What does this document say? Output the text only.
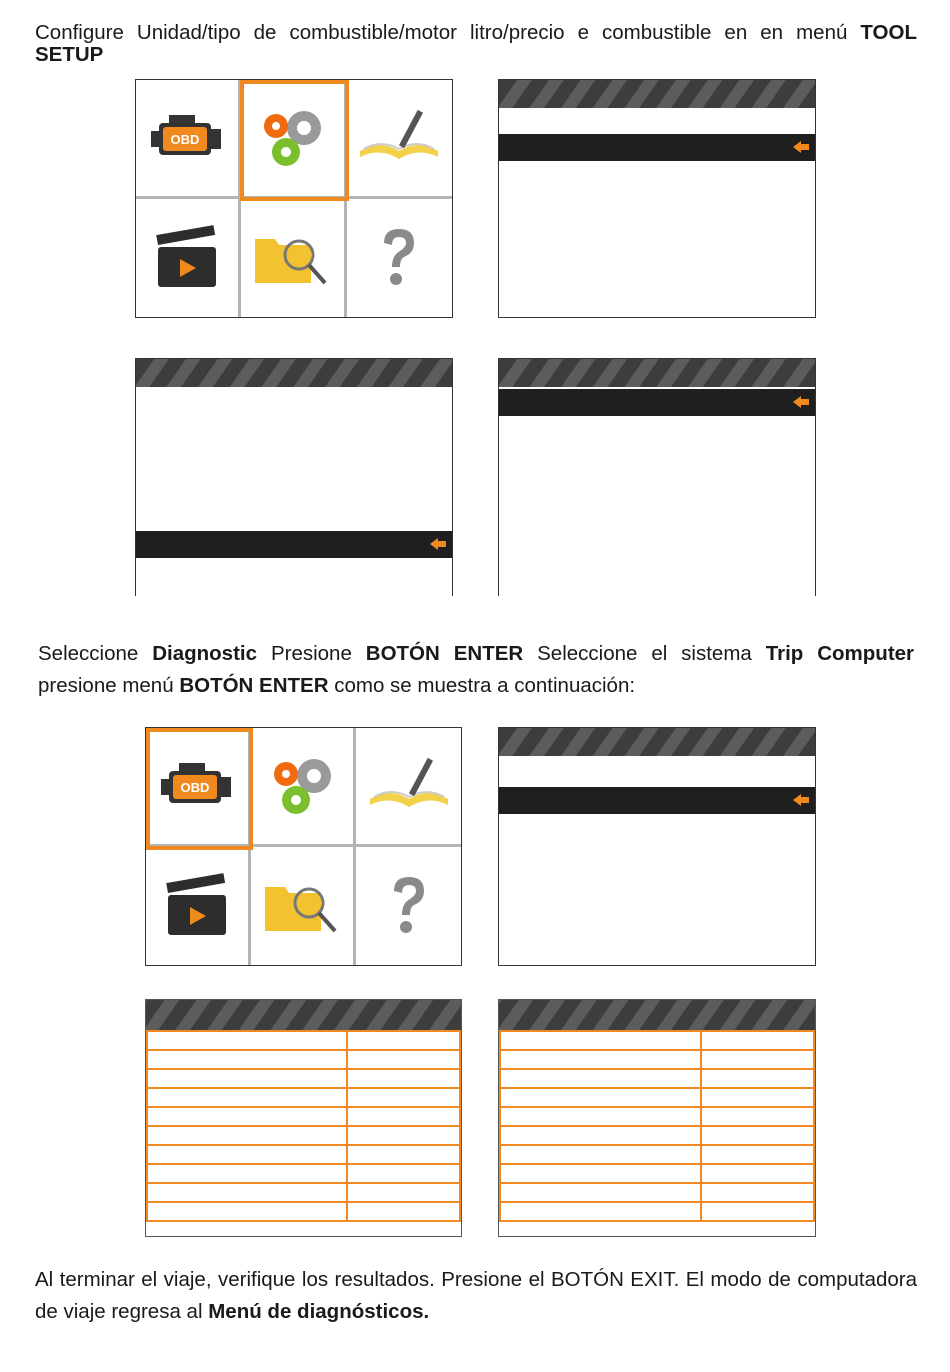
Configure Unidad/tipo de combustible/motor litro/precio e combustible en en menú TOOL SETUP
OBD
Seleccione Diagnostic Presione BOTÓN ENTER Seleccione el sistema Trip Computer presione menú BOTÓN ENTER como se muestra a continuación:
OBD

Al terminar el viaje, verifique los resultados. Presione el BOTÓN EXIT. El modo de computadora de viaje regresa al Menú de diagnósticos.
